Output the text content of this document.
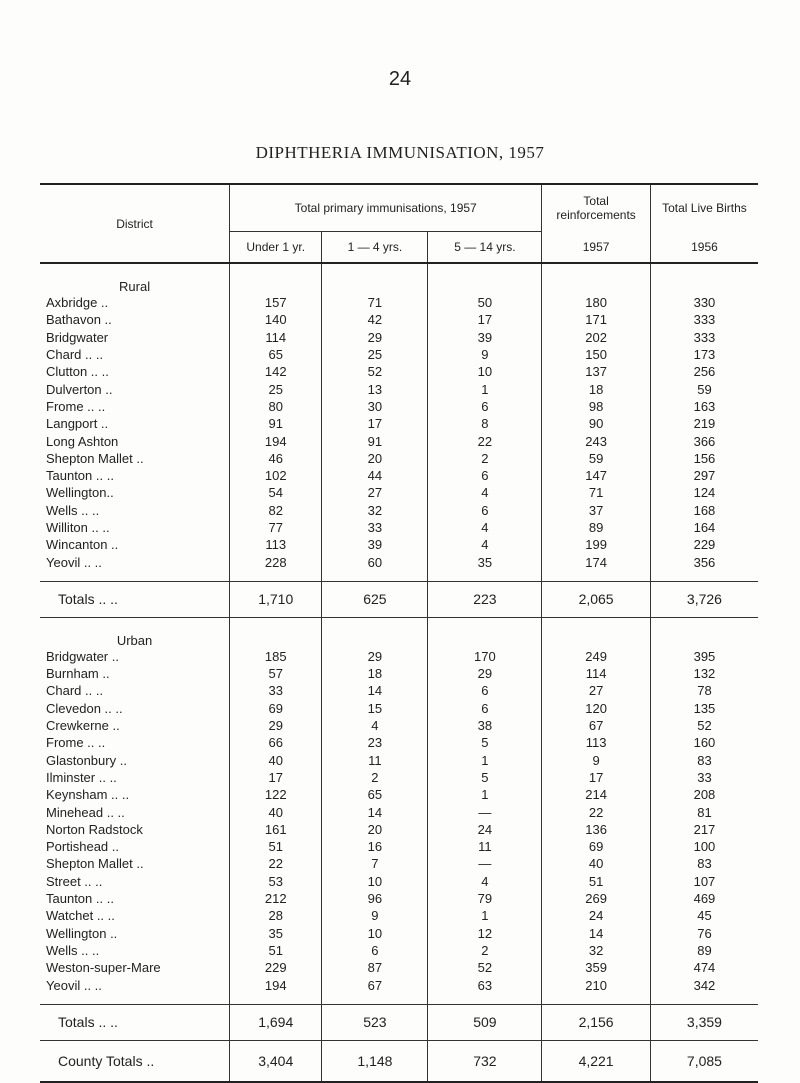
24
DIPHTHERIA IMMUNISATION, 1957
District	Total primary immunisations, 1957			Total reinforcements	Total Live Births
	Under 1 yr.	1 — 4 yrs.	5 — 14 yrs.	1957	1956
Rural					
Axbridge ..	157	71	50	180	330
Bathavon ..	140	42	17	171	333
Bridgwater	114	29	39	202	333
Chard .. ..	65	25	9	150	173
Clutton .. ..	142	52	10	137	256
Dulverton ..	25	13	1	18	59
Frome .. ..	80	30	6	98	163
Langport ..	91	17	8	90	219
Long Ashton	194	91	22	243	366
Shepton Mallet ..	46	20	2	59	156
Taunton .. ..	102	44	6	147	297
Wellington..	54	27	4	71	124
Wells .. ..	82	32	6	37	168
Williton .. ..	77	33	4	89	164
Wincanton ..	113	39	4	199	229
Yeovil .. ..	228	60	35	174	356

Totals .. ..	1,710	625	223	2,065	3,726
Urban					
Bridgwater ..	185	29	170	249	395
Burnham ..	57	18	29	114	132
Chard .. ..	33	14	6	27	78
Clevedon .. ..	69	15	6	120	135
Crewkerne ..	29	4	38	67	52
Frome .. ..	66	23	5	113	160
Glastonbury ..	40	11	1	9	83
Ilminster .. ..	17	2	5	17	33
Keynsham .. ..	122	65	1	214	208
Minehead .. ..	40	14	—	22	81
Norton Radstock	161	20	24	136	217
Portishead ..	51	16	11	69	100
Shepton Mallet ..	22	7	—	40	83
Street .. ..	53	10	4	51	107
Taunton .. ..	212	96	79	269	469
Watchet .. ..	28	9	1	24	45
Wellington ..	35	10	12	14	76
Wells .. ..	51	6	2	32	89
Weston-super-Mare	229	87	52	359	474
Yeovil .. ..	194	67	63	210	342

Totals .. ..	1,694	523	509	2,156	3,359
County Totals ..	3,404	1,148	732	4,221	7,085
